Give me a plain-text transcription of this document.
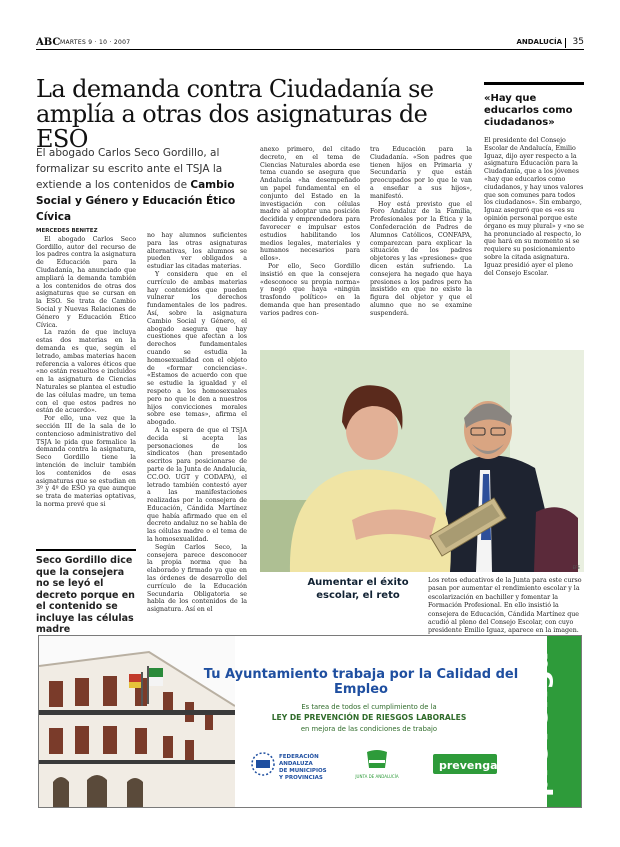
ABC MARTES 9 · 10 · 2007	ANDALUCÍA 35
La demanda contra Ciudadanía se
amplía a otras dos asignaturas de ESO
El abogado Carlos Seco Gordillo, al formalizar su escrito ante el TSJA la extiende a los contenidos de Cambio Social y Género y Educación Ético Cívica
MERCEDES BENÍTEZ

El abogado Carlos Seco Gordillo, autor del recurso de los padres contra la asignatura de Educación para la Ciudadanía, ha anunciado que ampliará la demanda también a los contenidos de otras dos asignaturas que se cursan en la ESO. Se trata de Cambio Social y Nuevas Relaciones de Género y Educación Ético Cívica.

La razón de que incluya estas dos materias en la demanda es que, según el letrado, ambas materias hacen referencia a valores éticos que «no están resueltos e incluidos en la asignatura de Ciencias Naturales se plantea el estudio de las células madre, un tema con el que estos padres no están de acuerdo».

Por ello, una vez que la sección III de la sala de lo contencioso administrativo del TSJA le pida que formalice la demanda contra la asignatura, Seco Gordillo tiene la intención de incluir también los contenidos de esas asignaturas que se estudian en 3º y 4º de ESO ya que aunque se trata de materias optativas, la norma prevé que si

Seco Gordillo dice que la consejera no se leyó el decreto porque en el contenido se incluye las células madre

no hay alumnos suficientes para las otras asignaturas alternativas, los alumnos se pueden ver obligados a estudiar las citadas materias.

Y considera que en el currículo de ambas materias hay contenidos que pueden vulnerar los derechos fundamentales de los padres. Así, sobre la asignatura Cambio Social y Género, el abogado asegura que hay cuestiones que afectan a los derechos fundamentales cuando se estudia la homosexualidad con el objeto de «formar conciencias». «Estamos de acuerdo con que se estudie la igualdad y el respeto a los homosexuales pero no que le den a nuestros hijos convicciones morales sobre ese temas», afirma el abogado.

A la espera de que el TSJA decida si acepta las personaciones de los sindicatos (han presentado escritos para posicionarse de parte de la Junta de Andalucía, CC.OO. UGT y CODAPA), el letrado también contestó ayer a las manifestaciones realizadas por la consejera de Educación, Cándida Martínez que había afirmado que en el decreto andaluz no se habla de las células madre o el tema de la homosexualidad.

Según Carlos Seco, la consejera parece desconocer la propia norma que ha elaborado y firmado ya que en las órdenes de desarrollo del currículo de la Educación Secundaria Obligatoria se habla de los contenidos de la asignatura. Así en el

anexo primero, del citado decreto, en el tema de Ciencias Naturales aborda ese tema cuando se asegura que Andalucía «ha desempeñado un papel fundamental en el conjunto del Estado en la investigación con células madre al adoptar una posición decidida y emprendedora para favorecer e impulsar estos estudios habilitando los medios legales, materiales y humanos necesarios para ellos».

Por ello, Seco Gordillo insistió en que la consejera «desconoce su propia norma» y negó que haya «ningún trasfondo político» en la demanda que han presentado varios padres con-

tra Educación para la Ciudadanía. «Son padres que tienen hijos en Primaria y Secundaria y que están preocupados por lo que le van a enseñar a sus hijos», manifestó.

Hoy está previsto que el Foro Andaluz de la Familia, Profesionales por la Ética y la Confederación de Padres de Alumnos Católicos, CONFAPA, comparezcan para explicar la situación de los padres objetores y las «presiones» que dicen están sufriendo. La consejera ha negado que haya presiones a los padres pero ha insistido en que no existe la figura del objetor y que el alumno que no se examine suspenderá.

«Hay que educarlos como ciudadanos»
El presidente del Consejo Escolar de Andalucía, Emilio Iguaz, dijo ayer respecto a la asignatura Educación para la Ciudadanía, que a los jóvenes «hay que educarlos como ciudadanos, y hay unos valores que son comunes para todos los ciudadanos». Sin embargo, Iguaz aseguró que es «es su opinión personal porque este órgano es muy plural» y «no se ha pronunciado al respecto, lo que hará en su momento si se requiere su posicionamiento sobre la citada asignatura. Iguaz presidió ayer el pleno del Consejo Escolar.
EFE
Aumentar el éxito escolar, el reto
Los retos educativos de la Junta para este curso pasan por aumentar el rendimiento escolar y la escolarización en bachiller y fomentar la Formación Profesional. En ello insistió la consejera de Educación, Cándida Martínez que acudió al pleno del Consejo Escolar, con cuyo presidente Emilio Iguaz, aparece en la imagen.
Tu Ayuntamiento trabaja por la Calidad del Empleo
Es tarea de todos el cumplimiento de la
LEY DE PREVENCIÓN DE RIESGOS LABORALES
en mejora de las condiciones de trabajo
FEDERACIÓN
ANDALUZA
DE MUNICIPIOS
Y PROVINCIAS	JUNTA DE ANDALUCÍA
prevenga prevenga
